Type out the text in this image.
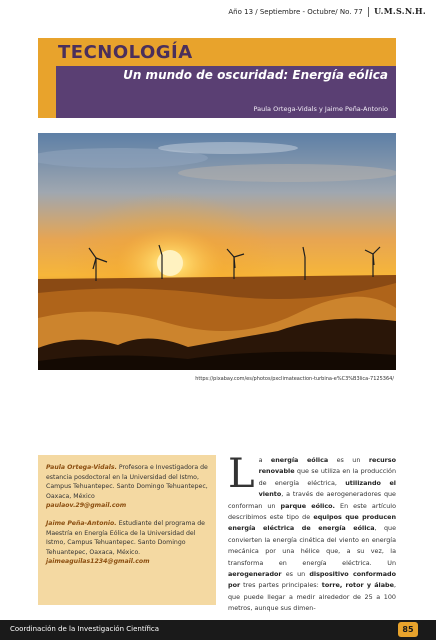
Año 13 / Septiembre - Octubre/ No. 77 U.M.S.N.H.
TECNOLOGÍA
Un mundo de oscuridad: Energía eólica
Paula Ortega-Vidals y Jaime Peña-Antonio
https://pixabay.com/es/photos/pxclimateaction-turbina-e%C3%B3lica-7125364/

Paula Ortega-Vidals. Profesora e Investigadora de estancia posdoctoral en la Universidad del Istmo, Campus Tehuantepec. Santo Domingo Tehuantepec, Oaxaca, México
paulaov.29@gmail.com

Jaime Peña-Antonio. Estudiante del programa de Maestría en Energía Eólica de la Universidad del Istmo, Campus Tehuantepec. Santo Domingo Tehuantepec, Oaxaca, México.
jaimeaguilas1234@gmail.com

La energía eólica es un recurso renovable que se utiliza en la producción de energía eléctrica, utilizando el viento, a través de aerogeneradores que conforman un parque eólico. En este artículo describimos este tipo de equipos que producen energía eléctrica de energía eólica, que convierten la energía cinética del viento en energía mecánica por una hélice que, a su vez, la transforma en energía eléctrica. Un aerogenerador es un dispositivo conformado por tres partes principales: torre, rotor y álabe, que puede llegar a medir alrededor de 25 a 100 metros, aunque sus dimen-
Coordinación de la Investigación Científica	85
